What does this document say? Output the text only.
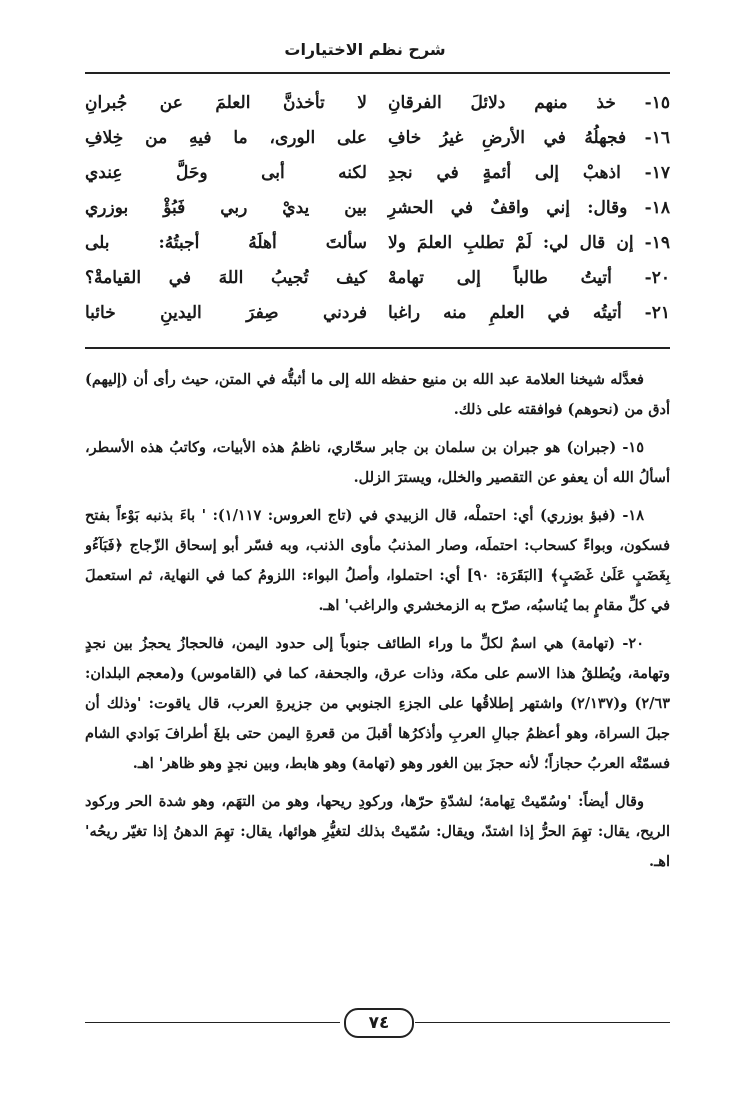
شرح نظم الاختيارات
١٥- خذ منهم دلائلَ الفرقانِ
لا تأخذنَّ العلمَ عن جُبرانِ
١٦- فجهلُهُ في الأرضِ غيرُ خافِ
على الورى، ما فيهِ من خِلافِ
١٧- اذهبْ إلى أئمةٍ في نجدِ
لكنه أبى وحَلَّ عِندي
١٨- وقال: إني واقفٌ في الحشرِ
بين يديْ ربي فَبُؤْ بوزري
١٩- إن قال لي: لَمْ تطلبِ العلمَ ولا
سألتَ أهلَهُ أجبتُهُ: بلى
٢٠- أتيتُ طالباً إلى تهامهْ
كيف تُجيبُ اللهَ في القيامةْ؟
٢١- أتيتُه في العلمِ منه راغبا
فردني صِفرَ اليدينِ خائبا

فعدَّله شيخنا العلامة عبد الله بن منيع حفظه الله إلى ما أثبتُّه في المتن، حيث رأى أن (إليهم) أدق من (نحوهم) فوافقته على ذلك.

١٥- (جبران) هو جبران بن سلمان بن جابر سحّاري، ناظمُ هذه الأبيات، وكاتبُ هذه الأسطر، أسألُ الله أن يعفو عن التقصير والخلل، ويسترَ الزلل.

١٨- (فبؤ بوزري) أي: احتملْه، قال الزبيدي في (تاج العروس: ١/١١٧): ' باءَ بذنبه بَوْءاً بفتح فسكون، وبواءً كسحاب: احتملَه، وصار المذنبُ مأوى الذنب، وبه فسّر أبو إسحاق الزّجاج ﴿فَبَآءُو بِغَضَبٍ عَلَىٰ غَضَبٍ﴾ [البَقَرَة: ٩٠] أي: احتملوا، وأصلُ البواء: اللزومُ كما في النهاية، ثم استعملَ في كلِّ مقامٍ بما يُناسبُه، صرّح به الزمخشري والراغب' اهـ.

٢٠- (تهامة) هي اسمٌ لكلِّ ما وراء الطائف جنوباً إلى حدود اليمن، فالحجازُ يحجزُ بين نجدٍ وتهامة، ويُطلقُ هذا الاسم على مكة، وذات عرق، والجحفة، كما في (القاموس) و(معجم البلدان: ٢/٦٣) و(٢/١٣٧) واشتهر إطلاقُها على الجزءِ الجنوبي من جزيرةِ العرب، قال ياقوت: 'وذلك أن جبلَ السراة، وهو أعظمُ جبالِ العربِ وأذكرُها أقبلَ من قعرةِ اليمن حتى بلغَ أطرافَ بَوادي الشام فسمّتْه العربُ حجازاً؛ لأنه حجزَ بين الغور وهو (تهامة) وهو هابط، وبين نجدٍ وهو ظاهر' اهـ.

وقال أيضاً: 'وسُمّيتْ تِهامة؛ لشدّةِ حرّها، وركودِ ريحها، وهو من التهَم، وهو شدة الحر وركود الريح، يقال: تهِمَ الحرُّ إذا اشتدّ، ويقال: سُمّيتْ بذلك لتغيُّرِ هوائها، يقال: تهِمَ الدهنُ إذا تغيّر ريحُه' اهـ.

٧٤
